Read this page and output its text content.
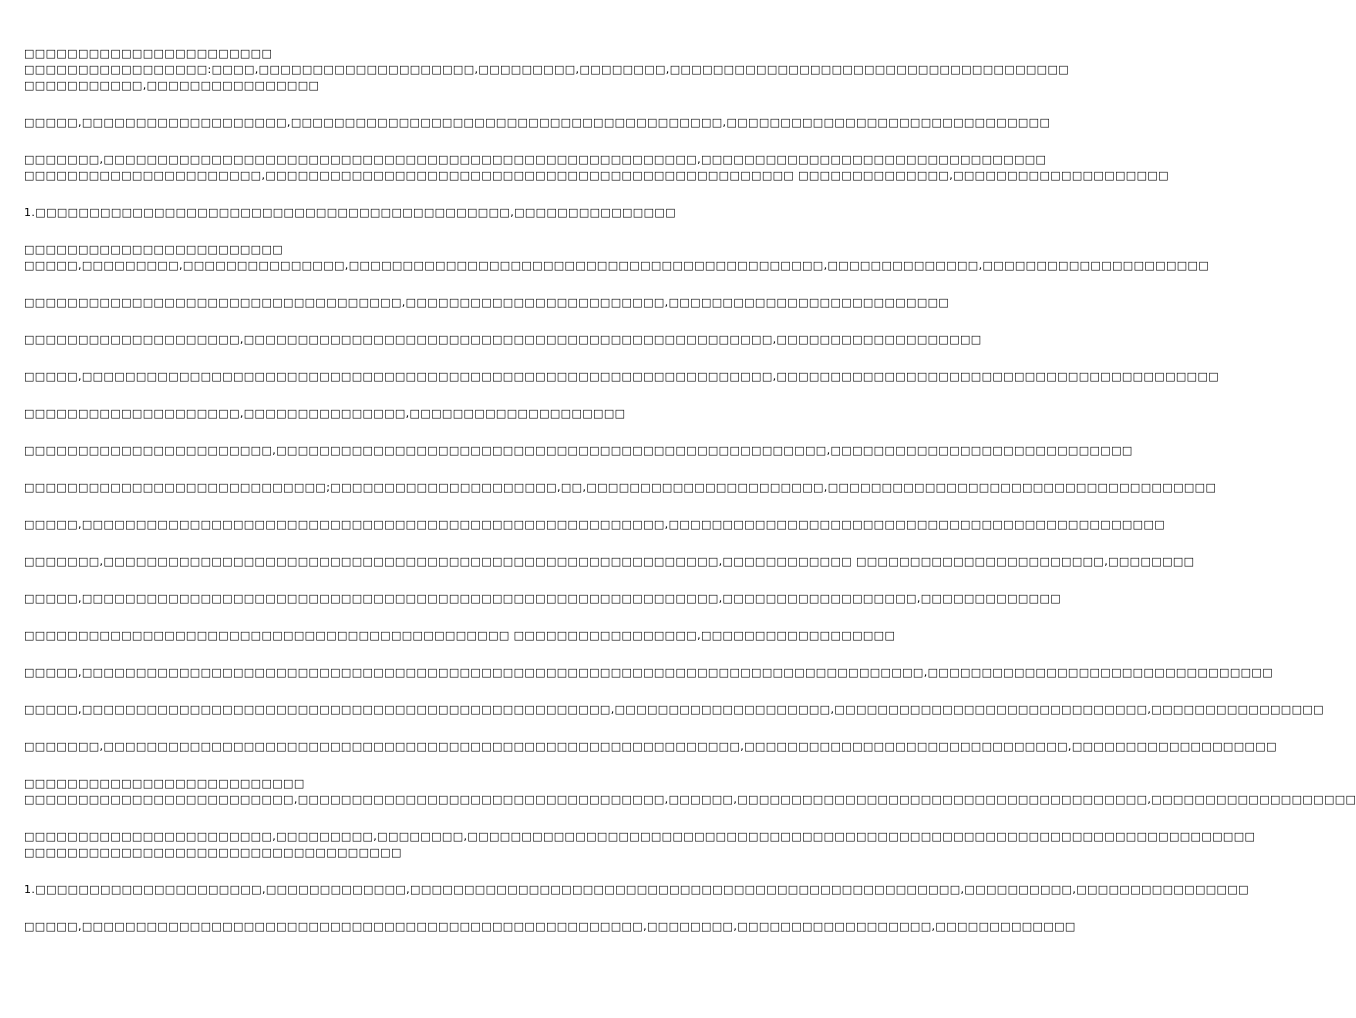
□□□□□□□□□□□□□□□□□□□□□□□
□□□□□□□□□□□□□□□□□:□□□□,□□□□□□□□□□□□□□□□□□□□,□□□□□□□□□,□□□□□□□□,□□□□□□□□□□□□□□□□□□□□□□□□□□□□□□□□□□□□□
□□□□□□□□□□□,□□□□□□□□□□□□□□□□
□□□□□,□□□□□□□□□□□□□□□□□□□,□□□□□□□□□□□□□□□□□□□□□□□□□□□□□□□□□□□□□□□□,□□□□□□□□□□□□□□□□□□□□□□□□□□□□□□
□□□□□□□,□□□□□□□□□□□□□□□□□□□□□□□□□□□□□□□□□□□□□□□□□□□□□□□□□□□□□□□,□□□□□□□□□□□□□□□□□□□□□□□□□□□□□□□□
□□□□□□□□□□□□□□□□□□□□□□,□□□□□□□□□□□□□□□□□□□□□□□□□□□□□□□□□□□□□□□□□□□□□□□□□ □□□□□□□□□□□□□□,□□□□□□□□□□□□□□□□□□□□
1.□□□□□□□□□□□□□□□□□□□□□□□□□□□□□□□□□□□□□□□□□□□□,□□□□□□□□□□□□□□□
□□□□□□□□□□□□□□□□□□□□□□□□
□□□□□,□□□□□□□□□,□□□□□□□□□□□□□□□,□□□□□□□□□□□□□□□□□□□□□□□□□□□□□□□□□□□□□□□□□□□□,□□□□□□□□□□□□□□,□□□□□□□□□□□□□□□□□□□□□
□□□□□□□□□□□□□□□□□□□□□□□□□□□□□□□□□□□,□□□□□□□□□□□□□□□□□□□□□□□□,□□□□□□□□□□□□□□□□□□□□□□□□□□
□□□□□□□□□□□□□□□□□□□□,□□□□□□□□□□□□□□□□□□□□□□□□□□□□□□□□□□□□□□□□□□□□□□□□□,□□□□□□□□□□□□□□□□□□□
□□□□□,□□□□□□□□□□□□□□□□□□□□□□□□□□□□□□□□□□□□□□□□□□□□□□□□□□□□□□□□□□□□□□□□,□□□□□□□□□□□□□□□□□□□□□□□□□□□□□□□□□□□□□□□□□
□□□□□□□□□□□□□□□□□□□□,□□□□□□□□□□□□□□□,□□□□□□□□□□□□□□□□□□□□
□□□□□□□□□□□□□□□□□□□□□□□,□□□□□□□□□□□□□□□□□□□□□□□□□□□□□□□□□□□□□□□□□□□□□□□□□□□,□□□□□□□□□□□□□□□□□□□□□□□□□□□□
□□□□□□□□□□□□□□□□□□□□□□□□□□□□;□□□□□□□□□□□□□□□□□□□□□,□□,□□□□□□□□□□□□□□□□□□□□□□,□□□□□□□□□□□□□□□□□□□□□□□□□□□□□□□□□□□□
□□□□□,□□□□□□□□□□□□□□□□□□□□□□□□□□□□□□□□□□□□□□□□□□□□□□□□□□□□□□,□□□□□□□□□□□□□□□□□□□□□□□□□□□□□□□□□□□□□□□□□□□□□□
□□□□□□□,□□□□□□□□□□□□□□□□□□□□□□□□□□□□□□□□□□□□□□□□□□□□□□□□□□□□□□□□□,□□□□□□□□□□□□ □□□□□□□□□□□□□□□□□□□□□□□,□□□□□□□□
□□□□□,□□□□□□□□□□□□□□□□□□□□□□□□□□□□□□□□□□□□□□□□□□□□□□□□□□□□□□□□□□□,□□□□□□□□□□□□□□□□□□,□□□□□□□□□□□□□
□□□□□□□□□□□□□□□□□□□□□□□□□□□□□□□□□□□□□□□□□□□□□ □□□□□□□□□□□□□□□□□,□□□□□□□□□□□□□□□□□□
□□□□□,□□□□□□□□□□□□□□□□□□□□□□□□□□□□□□□□□□□□□□□□□□□□□□□□□□□□□□□□□□□□□□□□□□□□□□□□□□□□□□,□□□□□□□□□□□□□□□□□□□□□□□□□□□□□□□□
□□□□□,□□□□□□□□□□□□□□□□□□□□□□□□□□□□□□□□□□□□□□□□□□□□□□□□□,□□□□□□□□□□□□□□□□□□□□,□□□□□□□□□□□□□□□□□□□□□□□□□□□□□,□□□□□□□□□□□□□□□□
□□□□□□□,□□□□□□□□□□□□□□□□□□□□□□□□□□□□□□□□□□□□□□□□□□□□□□□□□□□□□□□□□□□,□□□□□□□□□□□□□□□□□□□□□□□□□□□□□□,□□□□□□□□□□□□□□□□□□□
□□□□□□□□□□□□□□□□□□□□□□□□□□
□□□□□□□□□□□□□□□□□□□□□□□□□,□□□□□□□□□□□□□□□□□□□□□□□□□□□□□□□□□□,□□□□□□,□□□□□□□□□□□□□□□□□□□□□□□□□□□□□□□□□□□□□□,□□□□□□□□□□□□□□□□□□□
□□□□□□□□□□□□□□□□□□□□□□□,□□□□□□□□□,□□□□□□□□,□□□□□□□□□□□□□□□□□□□□□□□□□□□□□□□□□□□□□□□□□□□□□□□□□□□□□□□□□□□□□□□□□□□□□□□□□
□□□□□□□□□□□□□□□□□□□□□□□□□□□□□□□□□□□
1.□□□□□□□□□□□□□□□□□□□□□,□□□□□□□□□□□□□,□□□□□□□□□□□□□□□□□□□□□□□□□□□□□□□□□□□□□□□□□□□□□□□□□□□,□□□□□□□□□□,□□□□□□□□□□□□□□□□
□□□□□,□□□□□□□□□□□□□□□□□□□□□□□□□□□□□□□□□□□□□□□□□□□□□□□□□□□□,□□□□□□□□,□□□□□□□□□□□□□□□□□□,□□□□□□□□□□□□□
